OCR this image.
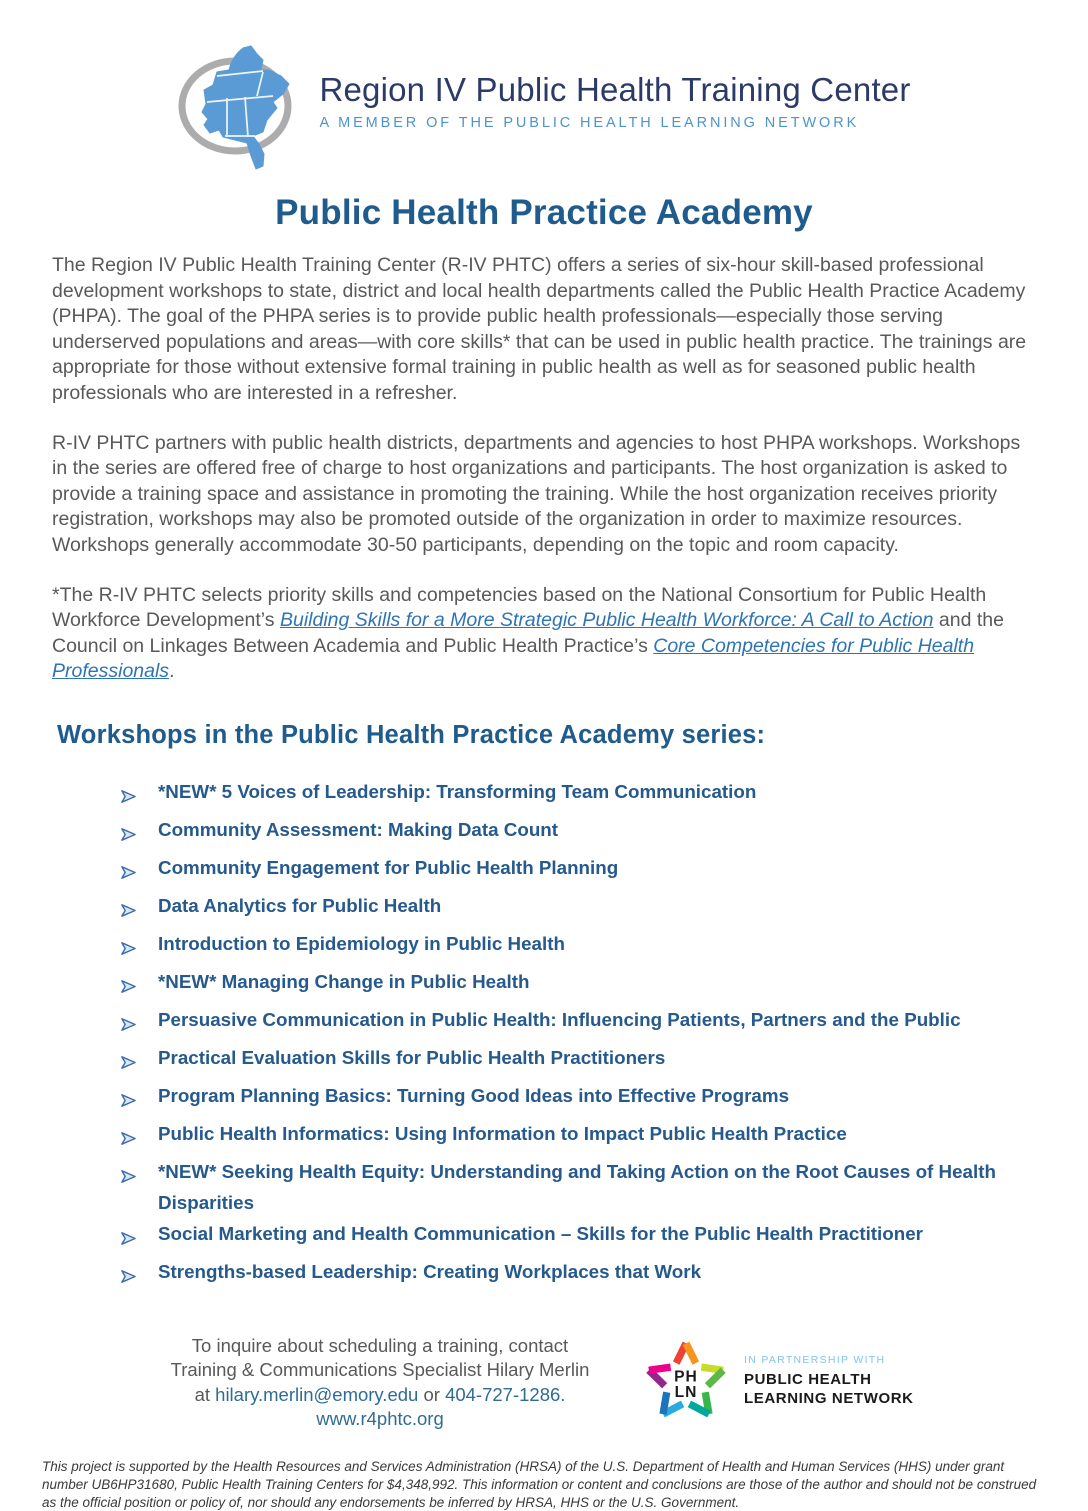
Region IV Public Health Training Center
A MEMBER OF THE PUBLIC HEALTH LEARNING NETWORK
Public Health Practice Academy

The Region IV Public Health Training Center (R-IV PHTC) offers a series of six-hour skill-based professional development workshops to state, district and local health departments called the Public Health Practice Academy (PHPA). The goal of the PHPA series is to provide public health professionals—especially those serving underserved populations and areas—with core skills* that can be used in public health practice. The trainings are appropriate for those without extensive formal training in public health as well as for seasoned public health professionals who are interested in a refresher.

R-IV PHTC partners with public health districts, departments and agencies to host PHPA workshops. Workshops in the series are offered free of charge to host organizations and participants. The host organization is asked to provide a training space and assistance in promoting the training. While the host organization receives priority registration, workshops may also be promoted outside of the organization in order to maximize resources. Workshops generally accommodate 30-50 participants, depending on the topic and room capacity.

*The R-IV PHTC selects priority skills and competencies based on the National Consortium for Public Health Workforce Development’s Building Skills for a More Strategic Public Health Workforce: A Call to Action and the Council on Linkages Between Academia and Public Health Practice’s Core Competencies for Public Health Professionals.

Workshops in the Public Health Practice Academy series:
*NEW* 5 Voices of Leadership: Transforming Team Communication
Community Assessment: Making Data Count
Community Engagement for Public Health Planning
Data Analytics for Public Health
Introduction to Epidemiology in Public Health
*NEW* Managing Change in Public Health
Persuasive Communication in Public Health: Influencing Patients, Partners and the Public
Practical Evaluation Skills for Public Health Practitioners
Program Planning Basics: Turning Good Ideas into Effective Programs
Public Health Informatics: Using Information to Impact Public Health Practice
*NEW* Seeking Health Equity: Understanding and Taking Action on the Root Causes of Health Disparities
Social Marketing and Health Communication – Skills for the Public Health Practitioner
Strengths-based Leadership: Creating Workplaces that Work
To inquire about scheduling a training, contact
Training & Communications Specialist Hilary Merlin
at hilary.merlin@emory.edu or 404-727-1286.
www.r4phtc.org
PH
LN
IN PARTNERSHIP WITH
PUBLIC HEALTH
LEARNING NETWORK
This project is supported by the Health Resources and Services Administration (HRSA) of the U.S. Department of Health and Human Services (HHS) under grant number UB6HP31680, Public Health Training Centers for $4,348,992. This information or content and conclusions are those of the author and should not be construed as the official position or policy of, nor should any endorsements be inferred by HRSA, HHS or the U.S. Government.
